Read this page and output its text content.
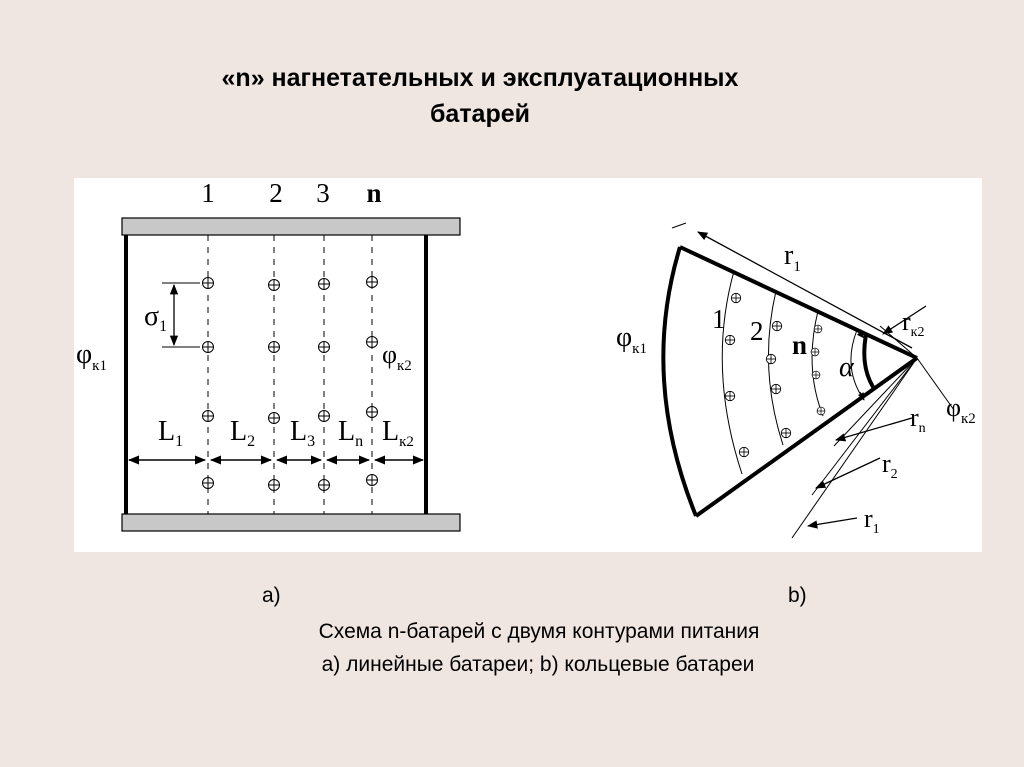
«n» нагнетательных и эксплуатационных
батарей
1 2 3 n
$\sigma_1$
$\varphi_{к1}$	$\varphi_{к2}$
$L_1$ $L_2$ $L_3$ $L_n$ $L_{к2}$
$\varphi_{к1}$
$\varphi_{к2}$
α
1 2 n
$r_1$
$r_{к2}$
$r_n$
$r_2$
$r_1$
а)	b)
Схема n-батарей с двумя контурами питания
а) линейные батареи; b) кольцевые батареи
